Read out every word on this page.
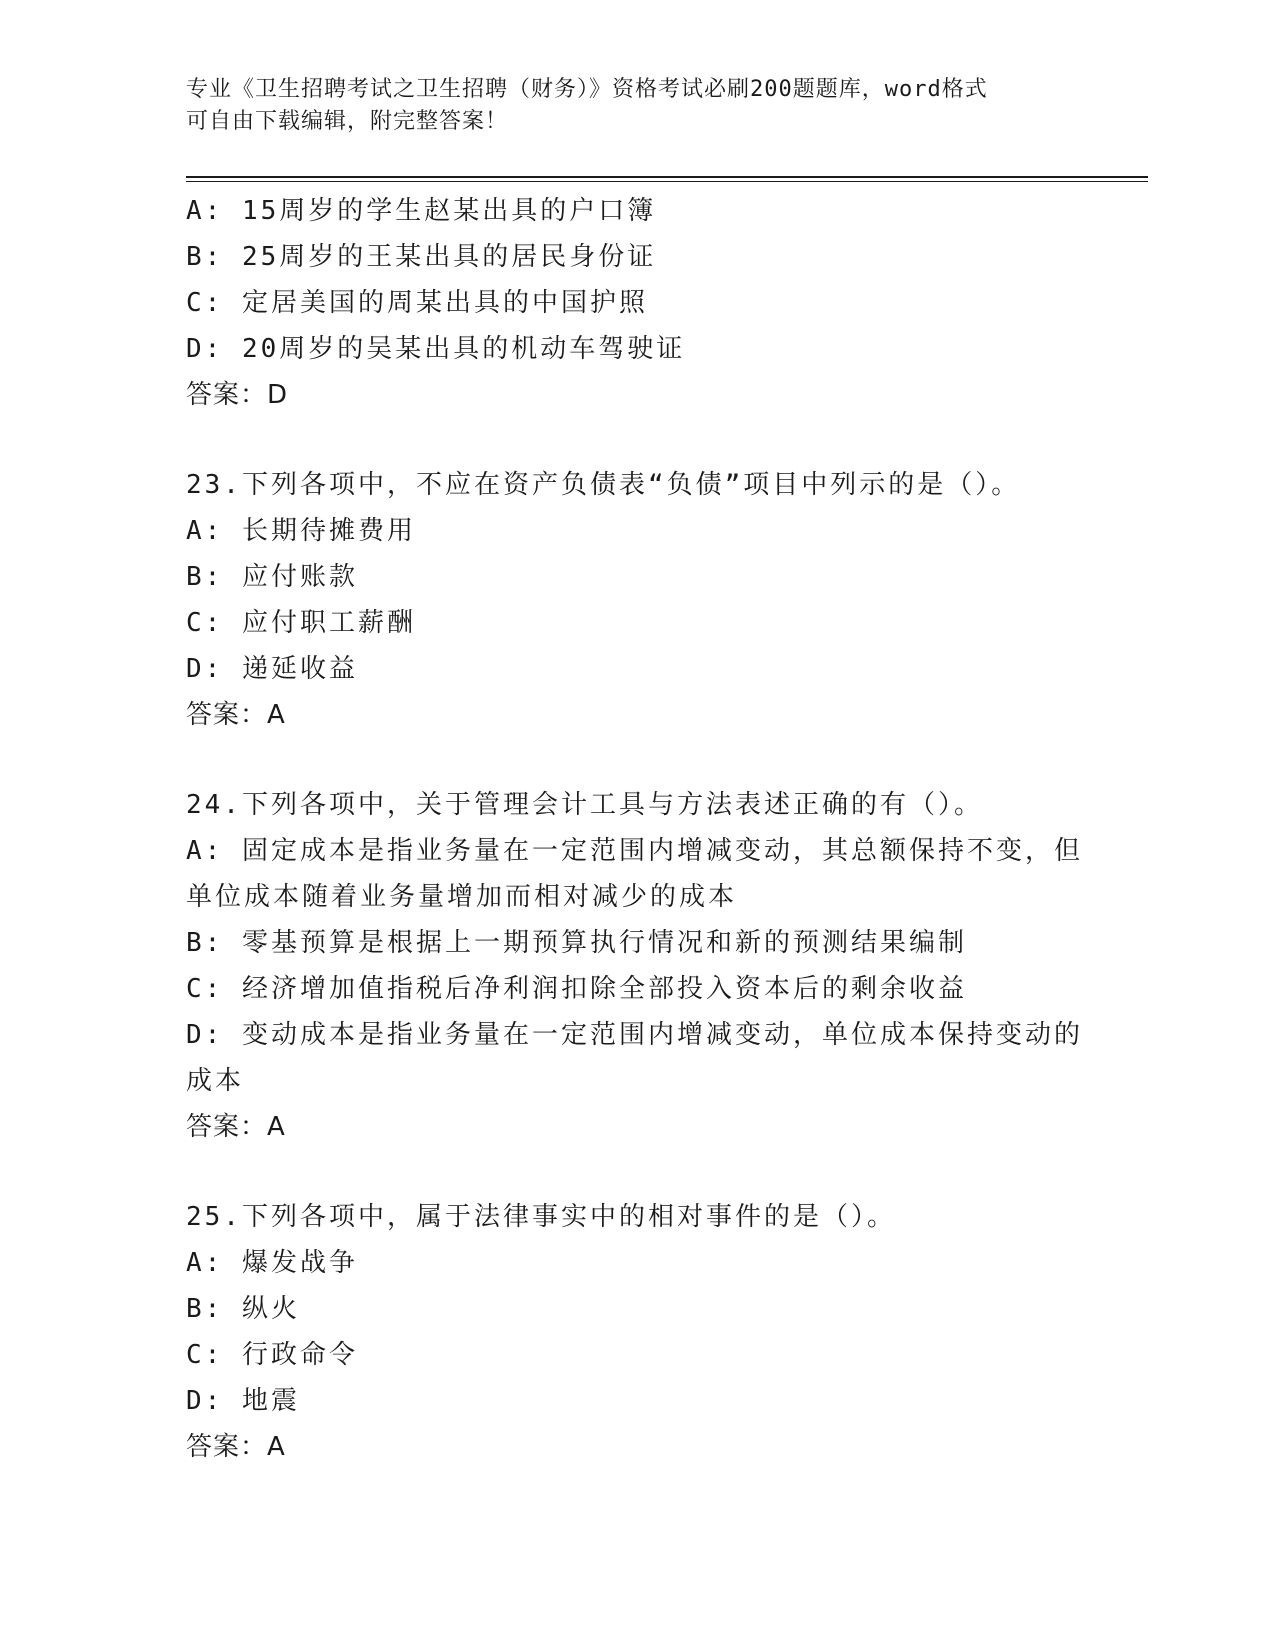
专业《卫生招聘考试之卫生招聘（财务）》资格考试必刷200题题库，word格式
可自由下载编辑，附完整答案！
A: 15周岁的学生赵某出具的户口簿
B: 25周岁的王某出具的居民身份证
C: 定居美国的周某出具的中国护照
D: 20周岁的吴某出具的机动车驾驶证
答案：D
23.下列各项中，不应在资产负债表“负债”项目中列示的是（）。
A: 长期待摊费用
B: 应付账款
C: 应付职工薪酬
D: 递延收益
答案：A
24.下列各项中，关于管理会计工具与方法表述正确的有（）。
A: 固定成本是指业务量在一定范围内增减变动，其总额保持不变，但
单位成本随着业务量增加而相对减少的成本
B: 零基预算是根据上一期预算执行情况和新的预测结果编制
C: 经济增加值指税后净利润扣除全部投入资本后的剩余收益
D: 变动成本是指业务量在一定范围内增减变动，单位成本保持变动的
成本
答案：A
25.下列各项中，属于法律事实中的相对事件的是（）。
A: 爆发战争
B: 纵火
C: 行政命令
D: 地震
答案：A
